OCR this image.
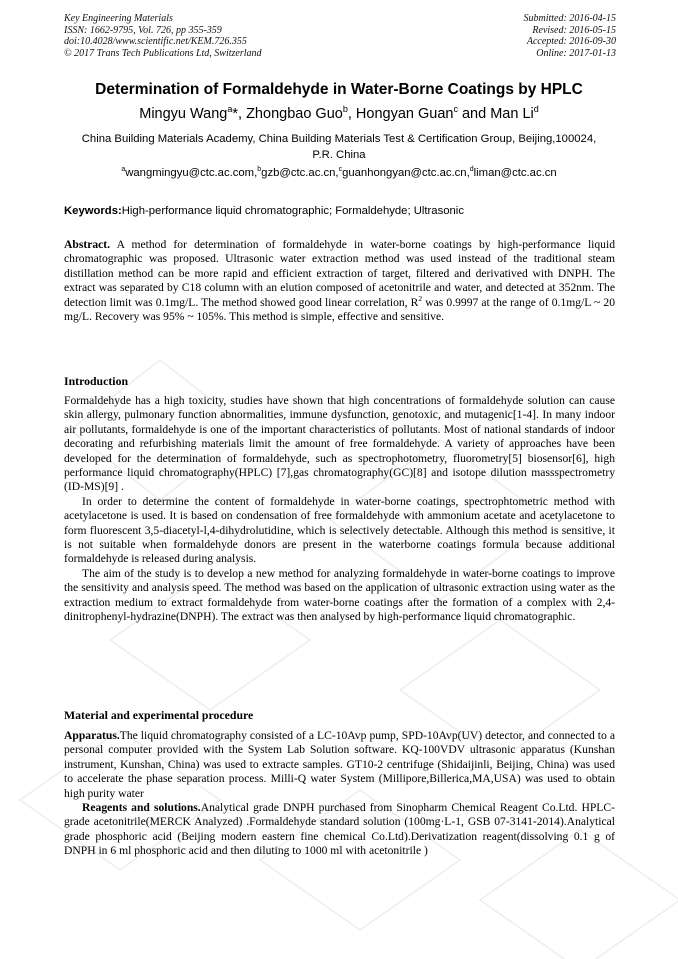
Key Engineering Materials
ISSN: 1662-9795, Vol. 726, pp 355-359
doi:10.4028/www.scientific.net/KEM.726.355
© 2017 Trans Tech Publications Ltd, Switzerland
Submitted: 2016-04-15
Revised: 2016-05-15
Accepted: 2016-09-30
Online: 2017-01-13
Determination of Formaldehyde in Water-Borne Coatings by HPLC
Mingyu Wang$^a$*, Zhongbao Guo$^b$, Hongyan Guan$^c$ and Man Li$^d$
China Building Materials Academy, China Building Materials Test & Certification Group, Beijing,100024, P.R. China
$^a$wangmingyu@ctc.ac.com,$^b$gzb@ctc.ac.cn,$^c$guanhongyan@ctc.ac.cn,$^d$liman@ctc.ac.cn
Keywords:High-performance liquid chromatographic; Formaldehyde; Ultrasonic

Abstract. A method for determination of formaldehyde in water-borne coatings by high-performance liquid chromatographic was proposed. Ultrasonic water extraction method was used instead of the traditional steam distillation method can be more rapid and efficient extraction of target, filtered and derivatived with DNPH. The extract was separated by C18 column with an elution composed of acetonitrile and water, and detected at 352nm. The detection limit was 0.1mg/L. The method showed good linear correlation, $R^2$ was 0.9997 at the range of 0.1mg/L ~ 20 mg/L. Recovery was 95% ~ 105%. This method is simple, effective and sensitive.

Introduction

Formaldehyde has a high toxicity, studies have shown that high concentrations of formaldehyde solution can cause skin allergy, pulmonary function abnormalities, immune dysfunction, genotoxic, and mutagenic[1-4]. In many indoor air pollutants, formaldehyde is one of the important characteristics of pollutants. Most of national standards of indoor decorating and refurbishing materials limit the amount of free formaldehyde. A variety of approaches have been developed for the determination of formaldehyde, such as spectrophotometry, fluorometry[5] biosensor[6], high performance liquid chromatography(HPLC) [7],gas chromatography(GC)[8] and isotope dilution massspectrometry (ID-MS)[9] .

In order to determine the content of formaldehyde in water-borne coatings, spectrophtometric method with acetylacetone is used. It is based on condensation of free formaldehyde with ammonium acetate and acetylacetone to form fluorescent 3,5-diacetyl-l,4-dihydrolutidine, which is selectively detectable. Although this method is sensitive, it is not suitable when formaldehyde donors are present in the waterborne coatings formula because additional formaldehyde is released during analysis.

The aim of the study is to develop a new method for analyzing formaldehyde in water-borne coatings to improve the sensitivity and analysis speed. The method was based on the application of ultrasonic extraction using water as the extraction medium to extract formaldehyde from water-borne coatings after the formation of a complex with 2,4-dinitrophenyl-hydrazine(DNPH). The extract was then analysed by high-performance liquid chromatographic.

Material and experimental procedure

Apparatus.The liquid chromatography consisted of a LC-10Avp pump, SPD-10Avp(UV) detector, and connected to a personal computer provided with the System Lab Solution software. KQ-100VDV ultrasonic apparatus (Kunshan instrument, Kunshan, China) was used to extracte samples. GT10-2 centrifuge (Shidaijinli, Beijing, China) was used to accelerate the phase separation process. Milli-Q water System (Millipore,Billerica,MA,USA) was used to obtain high purity water

Reagents and solutions.Analytical grade DNPH purchased from Sinopharm Chemical Reagent Co.Ltd. HPLC-grade acetonitrile(MERCK Analyzed) .Formaldehyde standard solution (100mg·L-1, GSB 07-3141-2014).Analytical grade phosphoric acid (Beijing modern eastern fine chemical Co.Ltd).Derivatization reagent(dissolving 0.1 g of DNPH in 6 ml phosphoric acid and then diluting to 1000 ml with acetonitrile )
